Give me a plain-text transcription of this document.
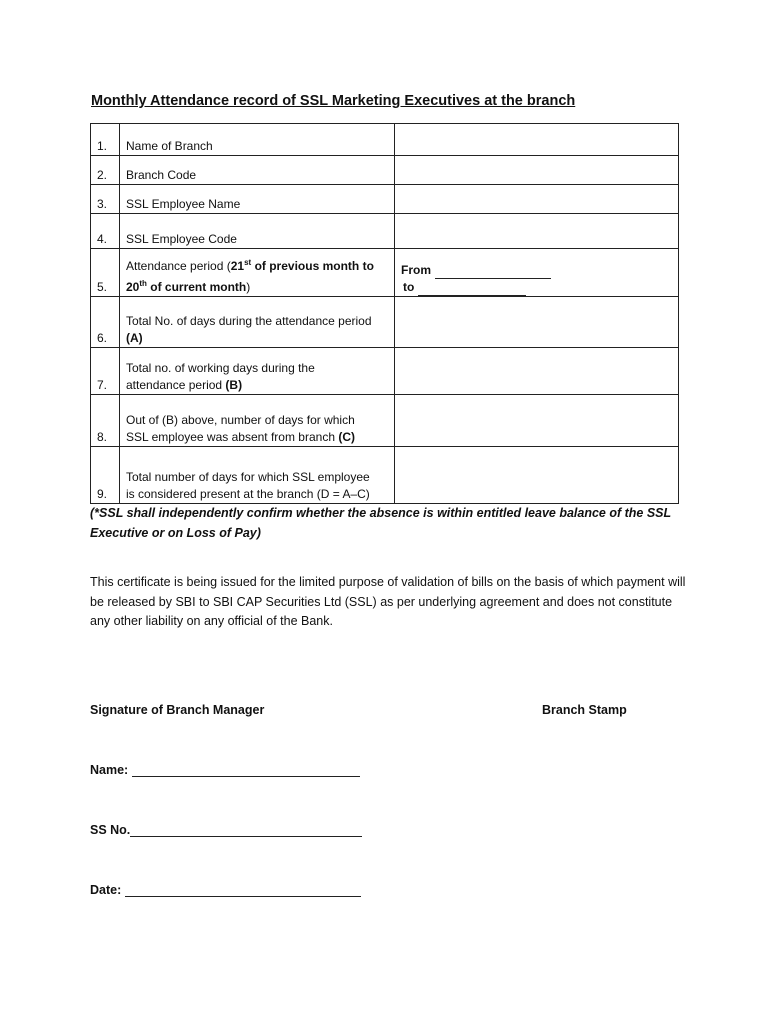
Monthly Attendance record of SSL Marketing Executives at the branch
1.	Name of Branch	
2.	Branch Code	
3.	SSL Employee Name	
4.	SSL Employee Code	
5.	Attendance period (21st of previous month to
20th of current month)	From
to

6.	Total No. of days during the attendance period
(A)	
7.	Total no. of working days during the
attendance period (B)	
8.	Out of (B) above, number of days for which
SSL employee was absent from branch (C)	
9.	Total number of days for which SSL employee
is considered present at the branch (D = A–C)	
(*SSL shall independently confirm whether the absence is within entitled leave balance of the SSL Executive or on Loss of Pay)
This certificate is being issued for the limited purpose of validation of bills on the basis of which payment will be released by SBI to SBI CAP Securities Ltd (SSL) as per underlying agreement and does not constitute any other liability on any official of the Bank.
Signature of Branch Manager	Branch Stamp
Name:
SS No.
Date:
